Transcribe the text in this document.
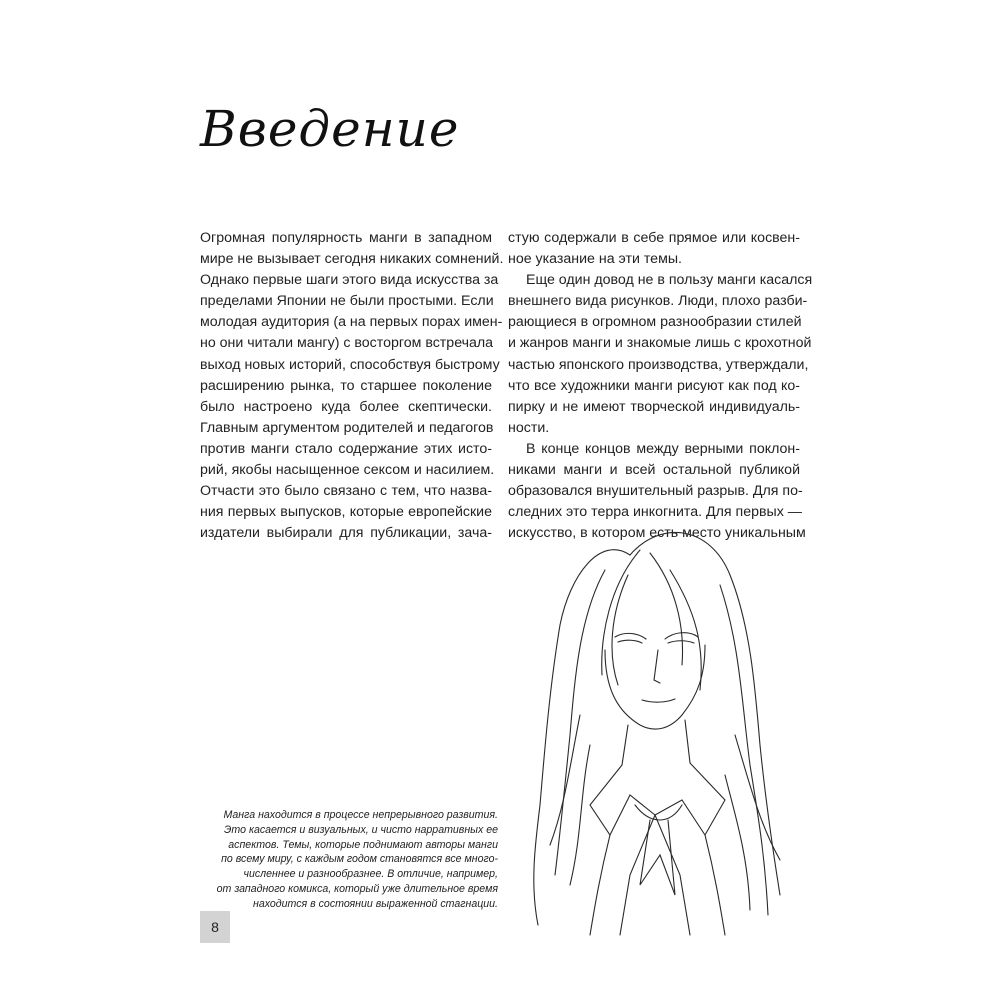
Введение

Огромная популярность манги в западном
мире не вызывает сегодня никаких сомнений.
Однако первые шаги этого вида искусства за
пределами Японии не были простыми. Если
молодая аудитория (а на первых порах имен-
но они читали мангу) с восторгом встречала
выход новых историй, способствуя быстрому
расширению рынка, то старшее поколение
было настроено куда более скептически.
Главным аргументом родителей и педагогов
против манги стало содержание этих исто-
рий, якобы насыщенное сексом и насилием.
Отчасти это было связано с тем, что назва-
ния первых выпусков, которые европейские
издатели выбирали для публикации, зача-

стую содержали в себе прямое или косвен-
ное указание на эти темы.

Еще один довод не в пользу манги касался
внешнего вида рисунков. Люди, плохо разби-
рающиеся в огромном разнообразии стилей
и жанров манги и знакомые лишь с крохотной
частью японского производства, утверждали,
что все художники манги рисуют как под ко-
пирку и не имеют творческой индивидуаль-
ности.

В конце концов между верными поклон-
никами манги и всей остальной публикой
образовался внушительный разрыв. Для по-
следних это терра инкогнита. Для первых —
искусство, в котором есть место уникальным

Манга находится в процессе непрерывного развития.
Это касается и визуальных, и чисто нарративных ее
аспектов. Темы, которые поднимают авторы манги
по всему миру, с каждым годом становятся все много-
численнее и разнообразнее. В отличие, например,
от западного комикса, который уже длительное время
находится в состоянии выраженной стагнации.
8
